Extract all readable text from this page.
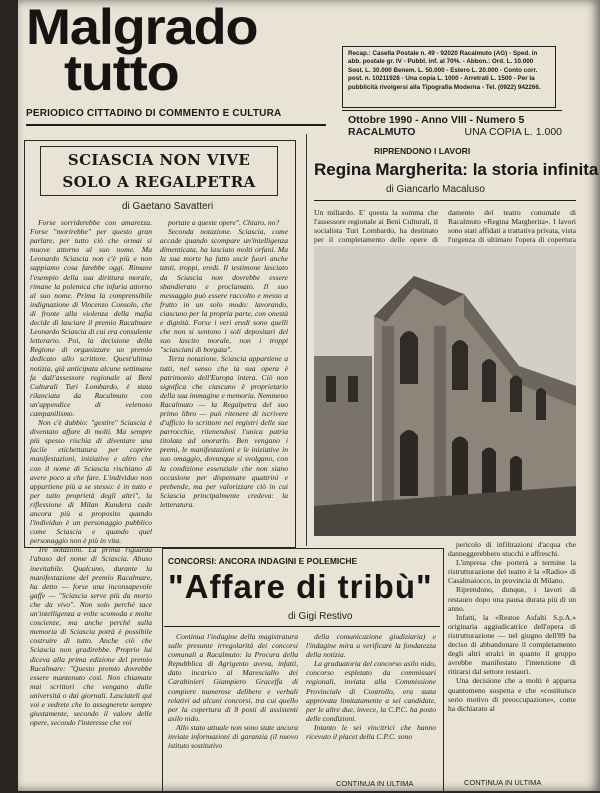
Malgrado
tutto
PERIODICO CITTADINO DI COMMENTO E CULTURA
Recap.: Casella Postale n. 49 - 92020 Racalmuto (AG) - Sped. in abb. postale gr. IV - Pubbl. inf. al 70%. - Abbon.: Ord. L. 10.000 Sost. L. 30.000 Benem. L. 50.000 - Estero L. 20.000 - Conto corr. post. n. 10211928 - Una copia L. 1000 - Arretrati L. 1500 - Per la pubblicità rivolgersi alla Tipografia Moderna - Tel. (0922) 942266.
Ottobre 1990 - Anno VIII - Numero 5
RACALMUTO	UNA COPIA L. 1.000
SCIASCIA NON VIVE
SOLO A REGALPETRA
di Gaetano Savatteri
Forse sorriderebbe con amarezza. Forse "morirebbe" per questo gran parlare, per tutto ciò che ormai si muove attorno al suo nome. Ma Leonardo Sciascia non c'è più e non sappiamo cosa farebbe oggi. Rimane l'esempio della sua dirittura morale, rimane la polemica che infuria attorno al suo nome. Prima la comprensibile indignazione di Vincenzo Consolo, che di fronte alla violenza della mafia decide di lasciare il premio Racalmare Leonardo Sciascia di cui era consulente letterario. Poi, la decisione della Regione di organizzare un premio dedicato allo scrittore. Quest'ultima notizia, già anticipata alcune settimane fa dall'assessore regionale ai Beni Culturali Turi Lombardo, è stata rilanciata da Racalmuto con un'appendice di velenoso campanilismo.
Non c'è dubbio: "gestire" Sciascia è diventato affare di molti. Ma sempre più spesso rischia di diventare una facile etichettatura per coprire manifestazioni, iniziative e altro che con il nome di Sciascia rischiano di avere poco a che fare. L'individuo non appartiene più a se stesso: è in tutto e per tutto proprietà degli altri", la riflessione di Milan Kundera cade ancora più a proposito quando l'individuo è un personaggio pubblico come Sciascia e quando quel personaggio non è più in vita.
Tre notazioni. La prima riguarda l'abuso del nome di Sciascia. Abuso inevitabile. Qualcuno, durante la manifestazione del premio Racalmare, ha detto — forse una inconsapevole gaffe — "Sciascia serve più da morto che da vivo". Non solo perché tace un'intelligenza a volte scomoda e molte coscienze, ma anche perché sulla memoria di Sciascia potrà è possibile costruire di tutto. Anche ciò che Sciascia non gradirebbe. Proprio lui diceva alla prima edizione del premio Racalmare: "Questo premio dovrebbe essere mantenuto così. Non chiamate mai scrittori che vengano dalle università o dai giornali. Lasciateli qui voi e vedrete che lo assegnerete sempre giustamente, secondo il valore delle opere, secondo l'interesse che voi
portate a queste opere". Chiaro, no?
Seconda notazione. Sciascia, come accade quando scompare un'intelligenza dimenticata, ha lasciato molti orfani. Ma la sua morte ha fatto uscir fuori anche tanti, troppi, eredi. Il testimone lasciato da Sciascia non dovrebbe essere sbandierato e proclamato. Il suo messaggio può essere raccolto e messo a frutto in un solo modo: lavorando, ciascuno per la propria parte, con onestà e dignità. Forse i veri eredi sono quelli che non si sentono i soli depositari del suo lascito morale, non i troppi "sciasciani di borgata".
Terza notazione. Sciascia appartiene a tutti, nel senso che la sua opera è patrimonio dell'Europa intera. Ciò non significa che ciascuno è proprietario della sua immagine e memoria. Nemmeno Racalmuto — la Regalpetra del suo primo libro — può ritenere di iscrivere d'ufficio lo scrittore nei registri delle sue parrocchie, ritenendosi l'unica patria titolata ad onorarlo. Ben vengano i premi, le manifestazioni e le iniziative in suo omaggio, dovunque si svolgano, con la condizione essenziale che non siano occasione per dispensare quattrini e prebende, ma per valorizzare ciò in cui Sciascia principalmente credeva: la letteratura.
RIPRENDONO I LAVORI
Regina Margherita: la storia infinita
di Giancarlo Macaluso
Un miliardo. E' questa la somma che l'assessore regionale ai Beni Culturali, il socialista Turi Lombardo, ha destinato per il completamento delle opere di
damento del teatro comunale di Racalmuto «Regina Margherita». I lavori sono stati affidati a trattativa privata, vista l'urgenza di ultimare l'opera di copertura
pericolo di infiltrazioni d'acqua che danneggerebbero stucchi e affreschi.
L'impresa che porterà a termine la ristrutturazione del teatro è la «Radio» di Casalmaiocco, in provincia di Milano.
Riprendono, dunque, i lavori di restauro dopo una pausa durata più di un anno.
Infatti, la «Restoe Asfalti S.p.A.» originaria aggiudicatrice dell'opera di ristrutturazione — nel giugno dell'89 ha deciso di abbandonare il completamento degli altri stralci in quanto il gruppo avrebbe manifestato l'intenzione di ritirarsi dal settore restauri.
Una decisione che a molti è apparsa quantomeno sospetta e che «costituisce serio motivo di preoccupazione», come ha dichiarato al
CONTINUA IN ULTIMA
CONCORSI: ANCORA INDAGINI E POLEMICHE
"Affare di tribù"
di Gigi Restivo
Continua l'indagine della magistratura sulle presunte irregolarità dei concorsi comunali a Racalmuto: la Procura della Repubblica di Agrigento aveva, infatti, dato incarico al Maresciallo dei Carabinieri Giampiero Graceffa di compiere numerose delibere e verbali relativi ad alcuni concorsi, tra cui quello per la copertura di 8 posti di assistenti asilo nido.
Allo stato attuale non sono state ancora inviate informazioni di garanzia (il nuovo istituto sostitutivo
della comunicazione giudiziaria) e l'indagine mira a verificare la fondatezza della notizia.
La graduatoria del concorso asilo nido, concorso espletato da commissari regionali, inviata alla Commissione Provinciale di Controllo, era stata approvata limitatamente a sei candidate, per le altre due, invece, la C.P.C. ha posto delle condizioni.
Intanto le sei vincitrici che hanno ricevuto il placet della C.P.C. sono
CONTINUA IN ULTIMA
